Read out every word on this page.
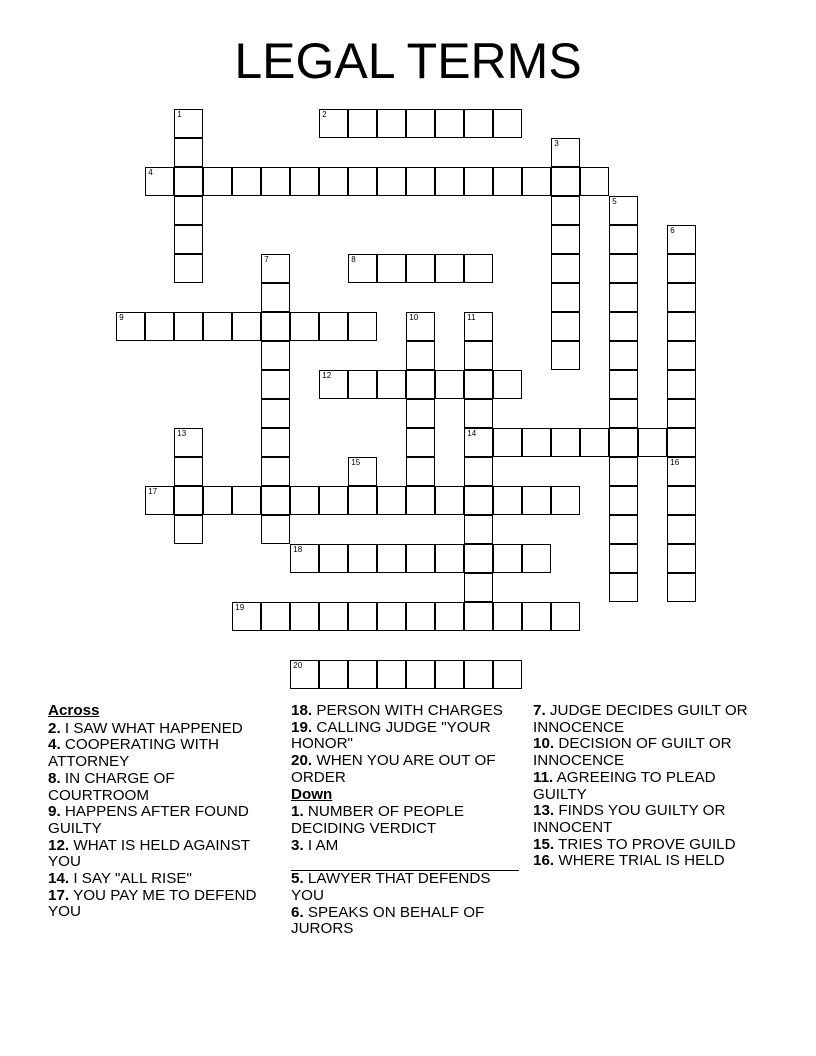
LEGAL TERMS
1	2
3
4
5
6
7	8
9	10	11
14
12
13
15	16
17
18
19
20
Across

2. I SAW WHAT HAPPENED

4. COOPERATING WITH ATTORNEY

8. IN CHARGE OF COURTROOM

9. HAPPENS AFTER FOUND GUILTY

12. WHAT IS HELD AGAINST YOU

14. I SAY "ALL RISE"

17. YOU PAY ME TO DEFEND YOU

18. PERSON WITH CHARGES

19. CALLING JUDGE "YOUR HONOR"

20. WHEN YOU ARE OUT OF ORDER

Down

1. NUMBER OF PEOPLE DECIDING VERDICT

3. I AM

5. LAWYER THAT DEFENDS YOU

6. SPEAKS ON BEHALF OF JURORS

7. JUDGE DECIDES GUILT OR INNOCENCE

10. DECISION OF GUILT OR INNOCENCE

11. AGREEING TO PLEAD GUILTY

13. FINDS YOU GUILTY OR INNOCENT

15. TRIES TO PROVE GUILD

16. WHERE TRIAL IS HELD
